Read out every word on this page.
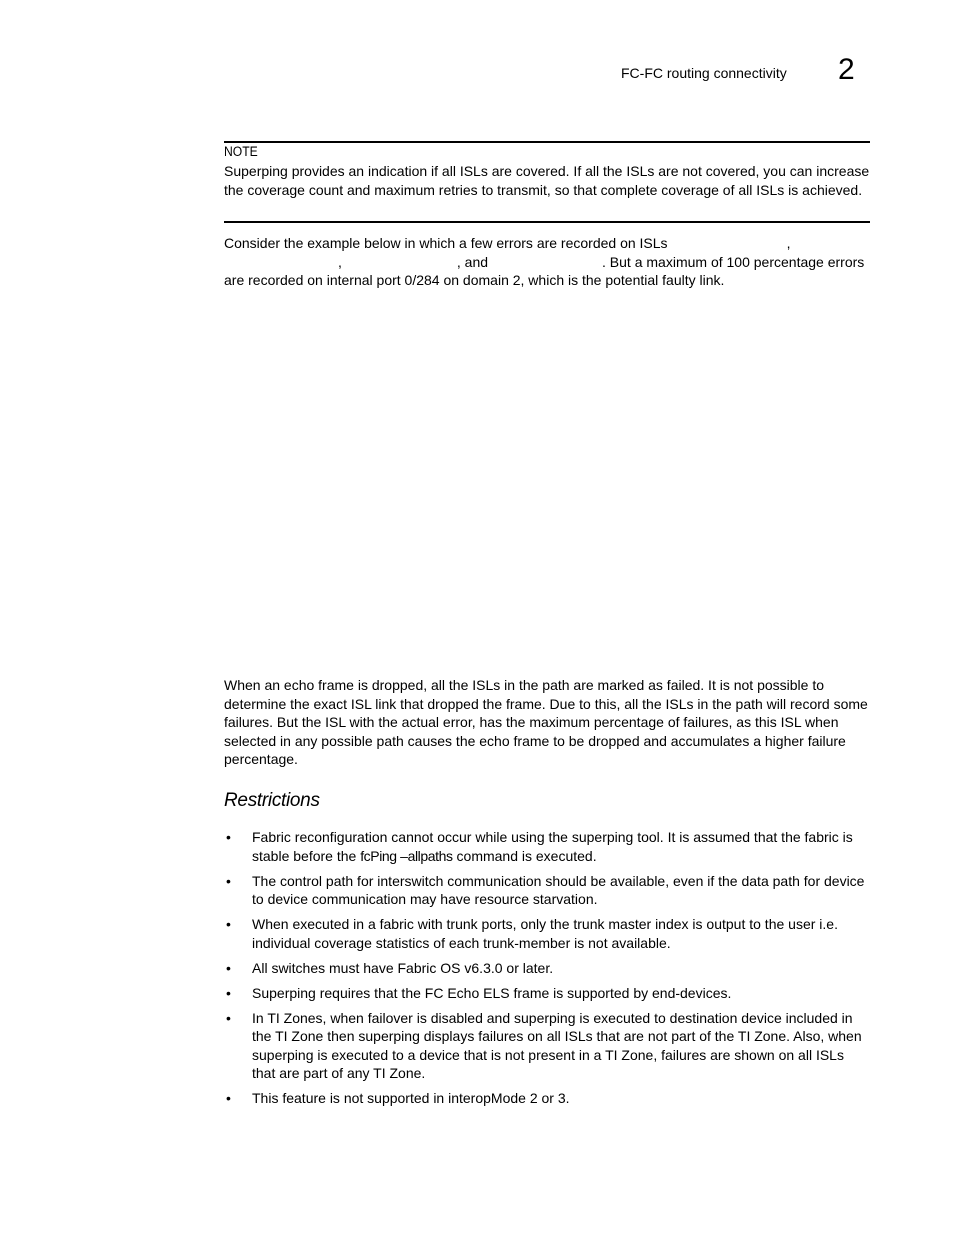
FC-FC routing connectivity 2
NOTE
Superping provides an indication if all ISLs are covered. If all the ISLs are not covered, you can increase the coverage count and maximum retries to transmit, so that complete coverage of all ISLs is achieved.
Consider the example below in which a few errors are recorded on ISLs	,
,	, and	. But a maximum of 100 percentage errors are recorded on internal port 0/284 on domain 2, which is the potential faulty link.
When an echo frame is dropped, all the ISLs in the path are marked as failed. It is not possible to determine the exact ISL link that dropped the frame. Due to this, all the ISLs in the path will record some failures. But the ISL with the actual error, has the maximum percentage of failures, as this ISL when selected in any possible path causes the echo frame to be dropped and accumulates a higher failure percentage.
Restrictions
• Fabric reconfiguration cannot occur while using the superping tool. It is assumed that the fabric is stable before the fcPing –allpaths command is executed.
• The control path for interswitch communication should be available, even if the data path for device to device communication may have resource starvation.
• When executed in a fabric with trunk ports, only the trunk master index is output to the user i.e. individual coverage statistics of each trunk-member is not available.
• All switches must have Fabric OS v6.3.0 or later.
• Superping requires that the FC Echo ELS frame is supported by end-devices.
• In TI Zones, when failover is disabled and superping is executed to destination device included in the TI Zone then superping displays failures on all ISLs that are not part of the TI Zone. Also, when superping is executed to a device that is not present in a TI Zone, failures are shown on all ISLs that are part of any TI Zone.
• This feature is not supported in interopMode 2 or 3.
